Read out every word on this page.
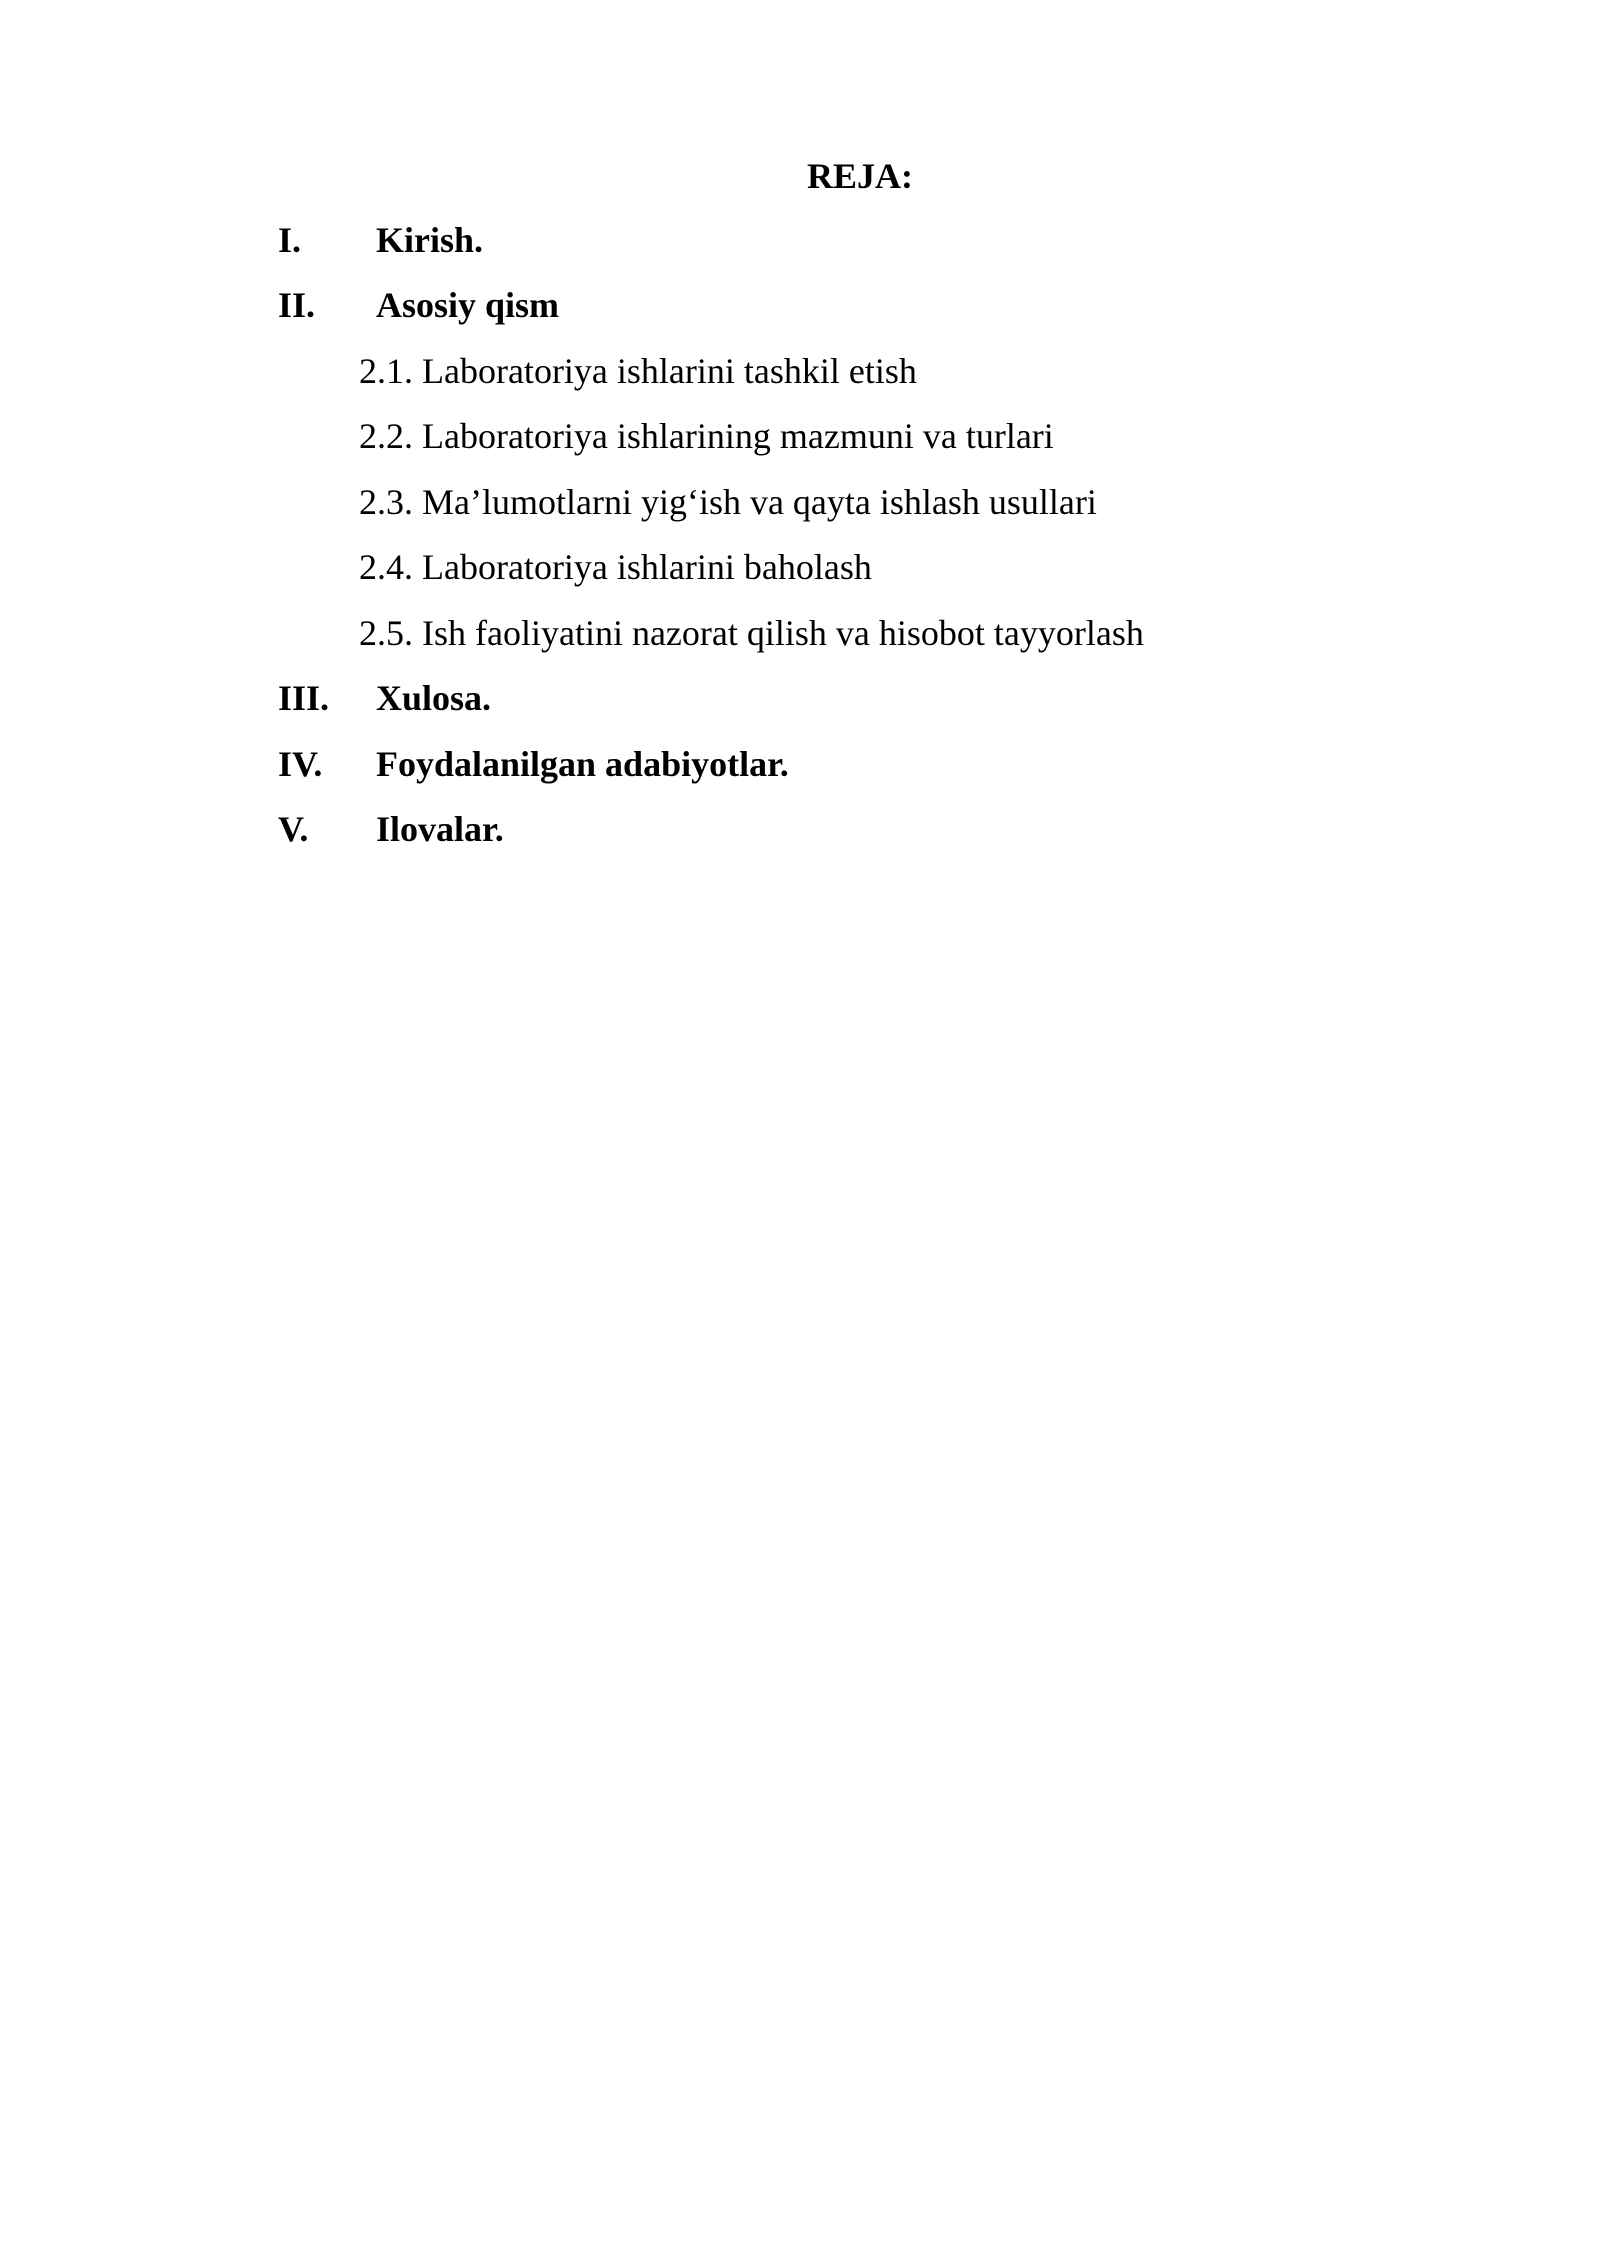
REJA:
I. Kirish.
II. Asosiy qism
2.1. Laboratoriya ishlarini tashkil etish
2.2. Laboratoriya ishlarining mazmuni va turlari
2.3. Ma’lumotlarni yig‘ish va qayta ishlash usullari
2.4. Laboratoriya ishlarini baholash
2.5. Ish faoliyatini nazorat qilish va hisobot tayyorlash
III. Xulosa.
IV. Foydalanilgan adabiyotlar.
V. Ilovalar.
